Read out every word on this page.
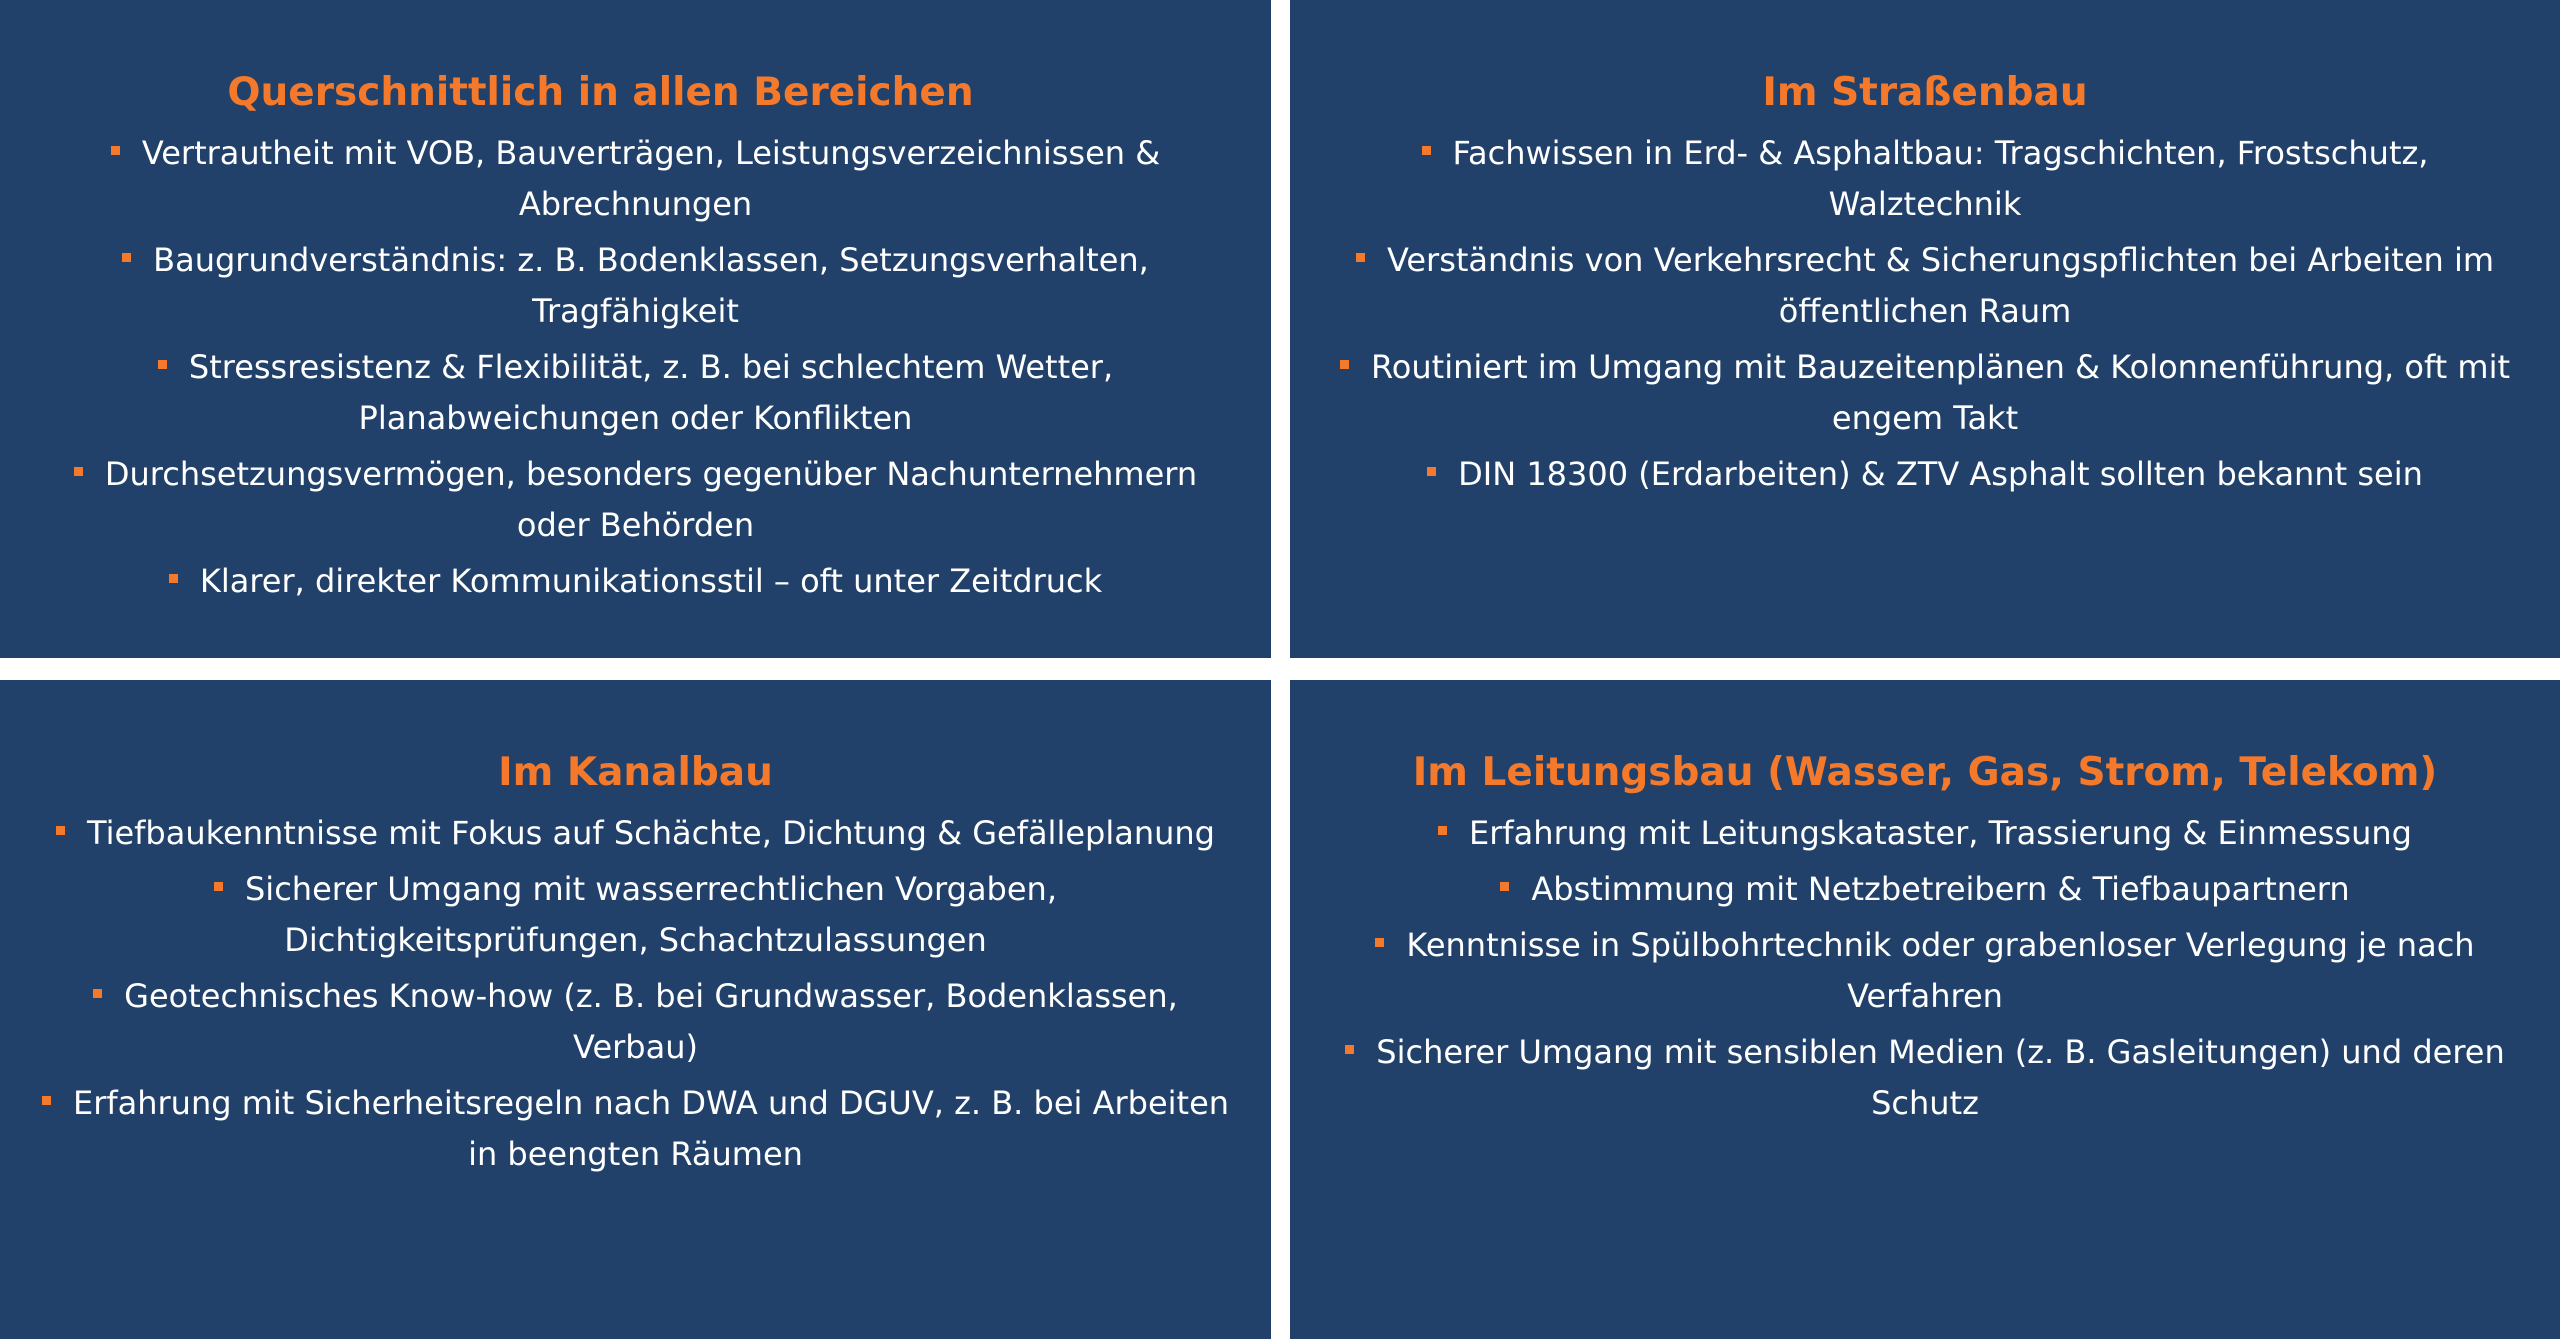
Querschnittlich in allen Bereichen
Vertrautheit mit VOB, Bauverträgen, Leistungsverzeichnissen & Abrechnungen
Baugrundverständnis: z. B. Bodenklassen, Setzungsverhalten, Tragfähigkeit
Stressresistenz & Flexibilität, z. B. bei schlechtem Wetter, Planabweichungen oder Konflikten
Durchsetzungsvermögen, besonders gegenüber Nachunternehmern oder Behörden
Klarer, direkter Kommunikationsstil – oft unter Zeitdruck
Im Straßenbau
Fachwissen in Erd- & Asphaltbau: Tragschichten, Frostschutz, Walztechnik
Verständnis von Verkehrsrecht & Sicherungspflichten bei Arbeiten im öffentlichen Raum
Routiniert im Umgang mit Bauzeitenplänen & Kolonnenführung, oft mit engem Takt
DIN 18300 (Erdarbeiten) & ZTV Asphalt sollten bekannt sein
Im Kanalbau
Tiefbaukenntnisse mit Fokus auf Schächte, Dichtung & Gefälleplanung
Sicherer Umgang mit wasserrechtlichen Vorgaben, Dichtigkeitsprüfungen, Schachtzulassungen
Geotechnisches Know-how (z. B. bei Grundwasser, Bodenklassen, Verbau)
Erfahrung mit Sicherheitsregeln nach DWA und DGUV, z. B. bei Arbeiten in beengten Räumen
Im Leitungsbau (Wasser, Gas, Strom, Telekom)
Erfahrung mit Leitungskataster, Trassierung & Einmessung
Abstimmung mit Netzbetreibern & Tiefbaupartnern
Kenntnisse in Spülbohrtechnik oder grabenloser Verlegung je nach Verfahren
Sicherer Umgang mit sensiblen Medien (z. B. Gasleitungen) und deren Schutz
